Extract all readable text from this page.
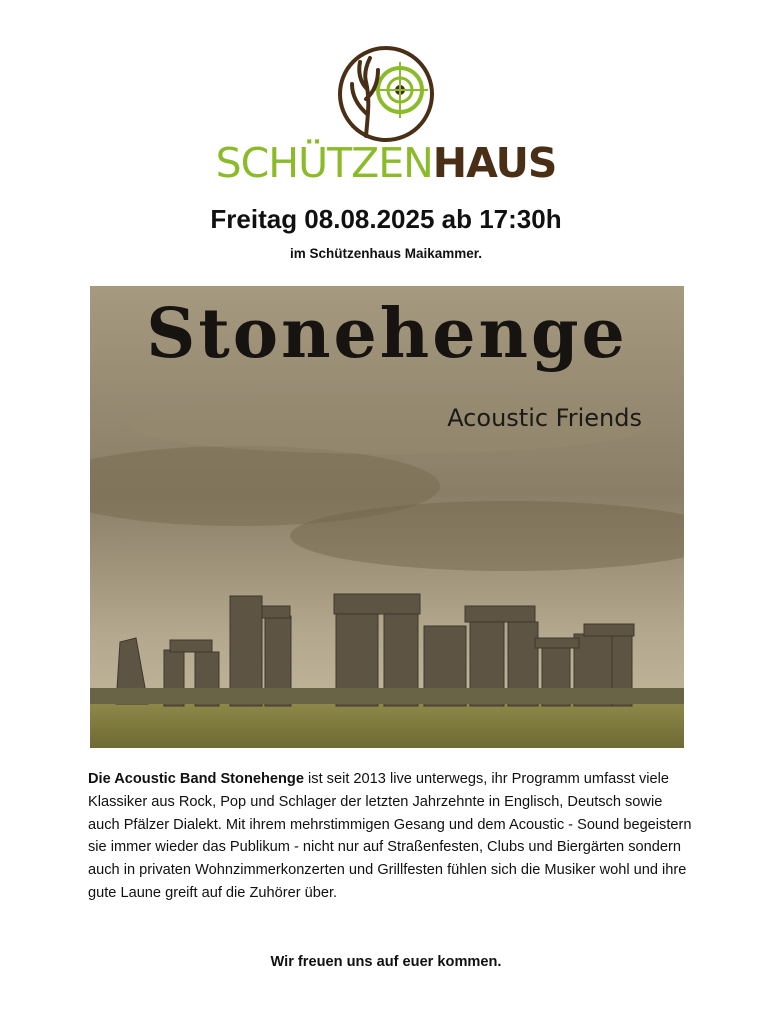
SCHÜTZENHAUS
Freitag 08.08.2025 ab 17:30h
im Schützenhaus Maikammer.
Stonehenge
Acoustic Friends
Die Acoustic Band Stonehenge ist seit 2013 live unterwegs, ihr Programm umfasst viele Klassiker aus Rock, Pop und Schlager der letzten Jahrzehnte in Englisch, Deutsch sowie auch Pfälzer Dialekt. Mit ihrem mehrstimmigen Gesang und dem Acoustic - Sound begeistern sie immer wieder das Publikum - nicht nur auf Straßenfesten, Clubs und Biergärten sondern auch in privaten Wohnzimmerkonzerten und Grillfesten fühlen sich die Musiker wohl und ihre gute Laune greift auf die Zuhörer über.
Wir freuen uns auf euer kommen.
